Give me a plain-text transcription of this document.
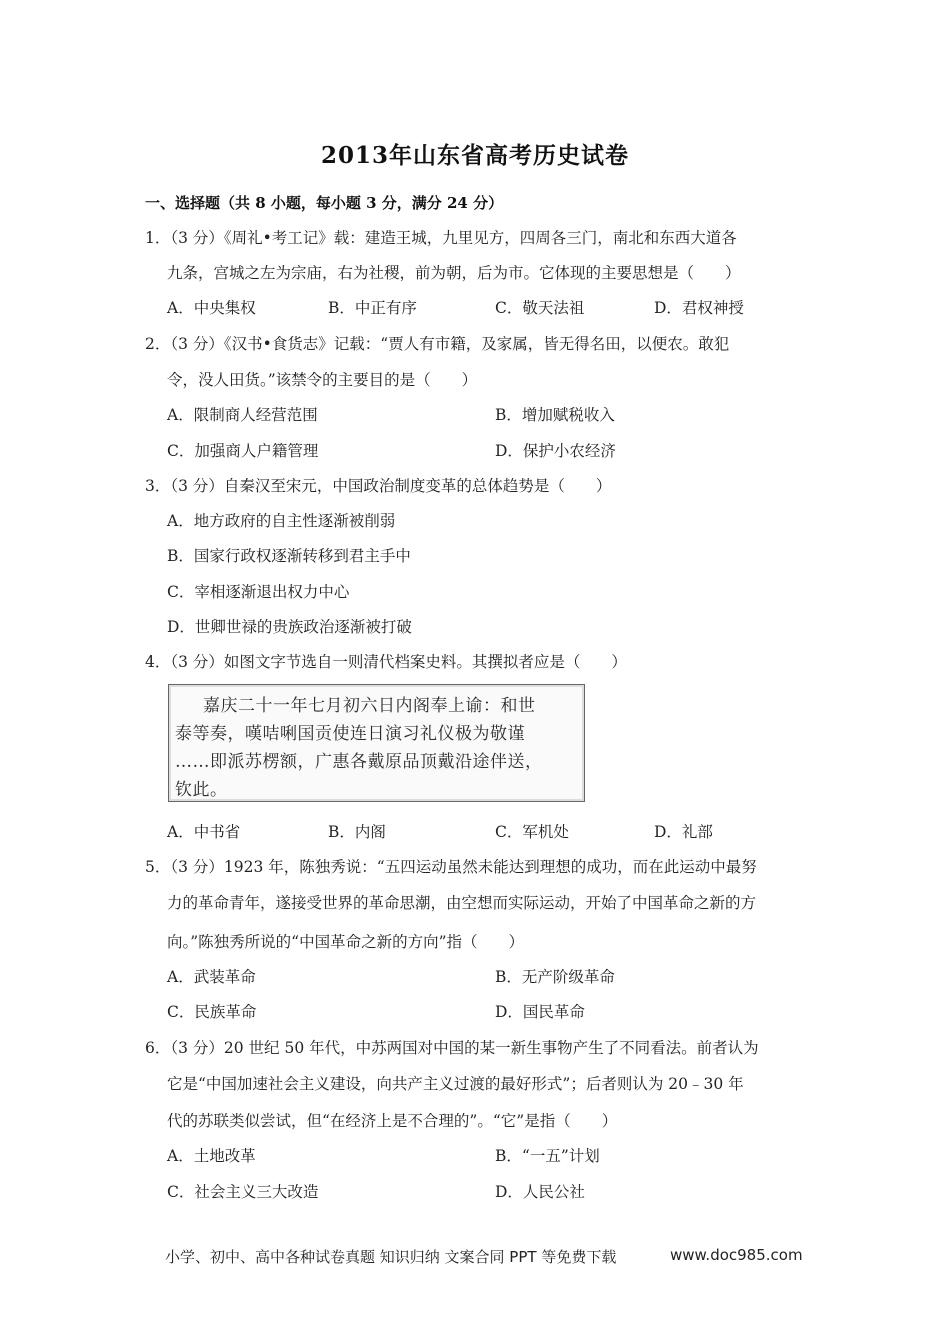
2013年山东省高考历史试卷
一、选择题（共 8 小题，每小题 3 分，满分 24 分）
1．（3 分）《周礼•考工记》载：建造王城，九里见方，四周各三门，南北和东西大道各
九条，宫城之左为宗庙，右为社稷，前为朝，后为市。它体现的主要思想是（　　）
A．中央集权	B．中正有序	C．敬天法祖	D．君权神授
2．（3 分）《汉书•食货志》记载：“贾人有市籍，及家属，皆无得名田，以便农。敢犯
令，没人田货。”该禁令的主要目的是（　　）
A．限制商人经营范围	B．增加赋税收入
C．加强商人户籍管理	D．保护小农经济
3．（3 分）自秦汉至宋元，中国政治制度变革的总体趋势是（　　）
A．地方政府的自主性逐渐被削弱
B．国家行政权逐渐转移到君主手中
C．宰相逐渐退出权力中心
D．世卿世禄的贵族政治逐渐被打破
4．（3 分）如图文字节选自一则清代档案史料。其撰拟者应是（　　）
嘉庆二十一年七月初六日内阁奉上谕：和世
泰等奏，嘆咭唎国贡使连日演习礼仪极为敬谨
……即派苏楞额，广惠各戴原品顶戴沿途伴送，
钦此。
A．中书省	B．内阁	C．军机处	D．礼部
5．（3 分）1923 年，陈独秀说：“五四运动虽然未能达到理想的成功，而在此运动中最努
力的革命青年，遂接受世界的革命思潮，由空想而实际运动，开始了中国革命之新的方
向。”陈独秀所说的“中国革命之新的方向”指（　　）
A．武装革命	B．无产阶级革命
C．民族革命	D．国民革命
6．（3 分）20 世纪 50 年代，中苏两国对中国的某一新生事物产生了不同看法。前者认为
它是“中国加速社会主义建设，向共产主义过渡的最好形式”；后者则认为 20﹣30 年
代的苏联类似尝试，但“在经济上是不合理的”。“它”是指（　　）
A．土地改革	B．“一五”计划
C．社会主义三大改造	D．人民公社
小学、初中、高中各种试卷真题 知识归纳 文案合同 PPT 等免费下载	www.doc985.com
